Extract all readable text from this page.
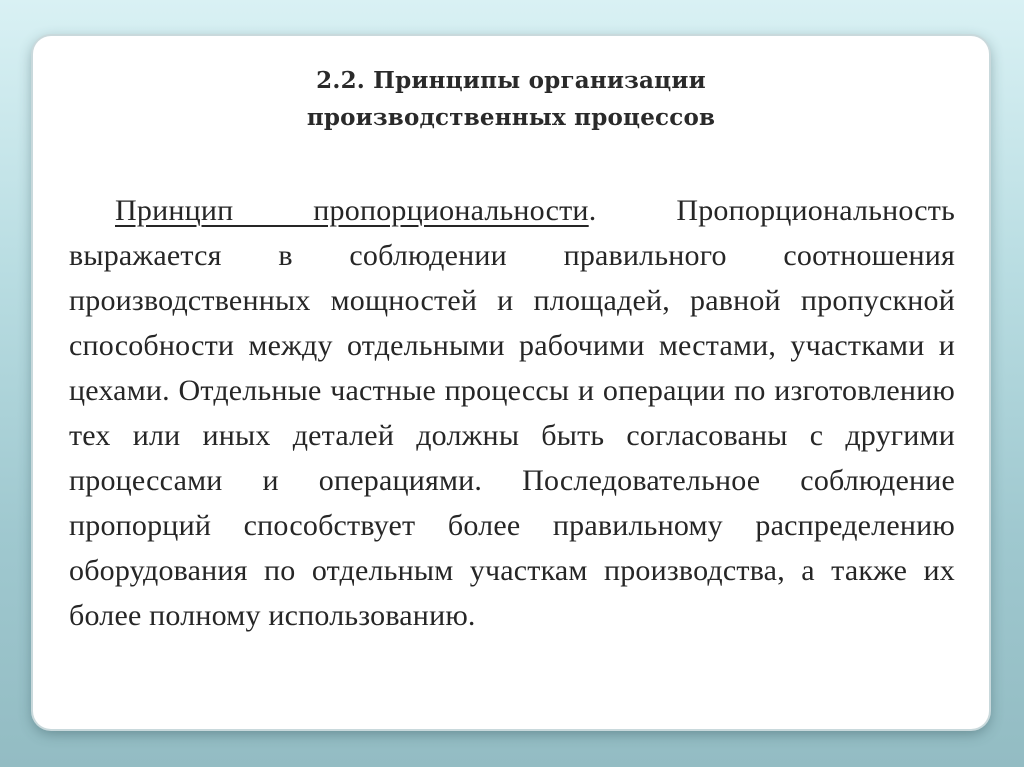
2.2. Принципы организации
производственных процессов

Принцип пропорциональности. Пропорциональность выражается в соблюдении правильного соотношения производственных мощностей и площадей, равной пропускной способности между отдельными рабочими местами, участками и цехами. Отдельные частные процессы и операции по изготовлению тех или иных деталей должны быть согласованы с другими процессами и операциями. Последовательное соблюдение пропорций способствует более правильному распределению оборудования по отдельным участкам производства, а также их более полному использованию.
